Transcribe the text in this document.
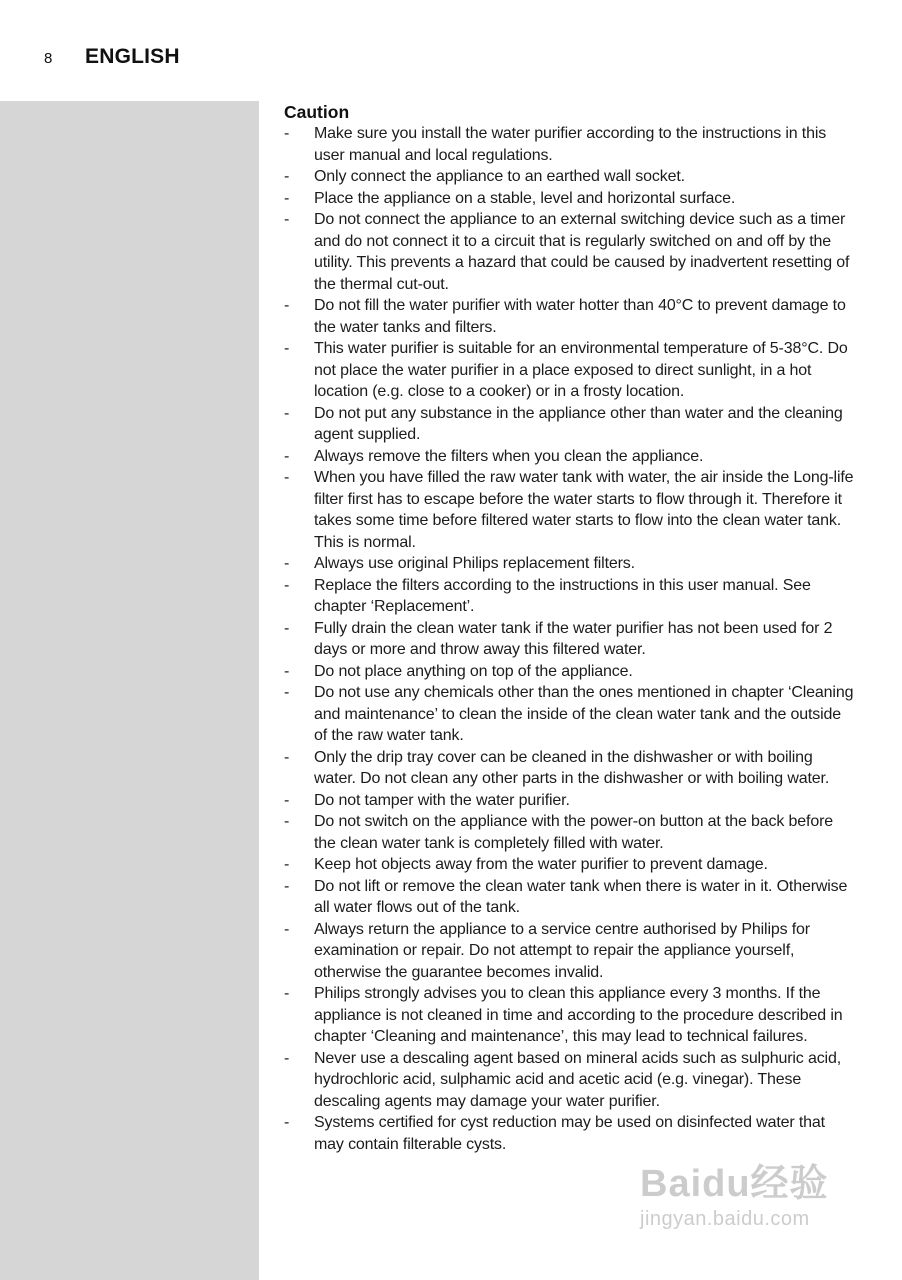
8	ENGLISH
Caution
- Make sure you install the water purifier according to the instructions in this user manual and local regulations.
- Only connect the appliance to an earthed wall socket.
- Place the appliance on a stable, level and horizontal surface.
- Do not connect the appliance to an external switching device such as a timer and do not connect it to a circuit that is regularly switched on and off by the utility. This prevents a hazard that could be caused by inadvertent resetting of the thermal cut-out.
- Do not fill the water purifier with water hotter than 40°C to prevent damage to the water tanks and filters.
- This water purifier is suitable for an environmental temperature of 5-38°C. Do not place the water purifier in a place exposed to direct sunlight, in a hot location (e.g. close to a cooker) or in a frosty location.
- Do not put any substance in the appliance other than water and the cleaning agent supplied.
- Always remove the filters when you clean the appliance.
- When you have filled the raw water tank with water, the air inside the Long-life filter first has to escape before the water starts to flow through it. Therefore it takes some time before filtered water starts to flow into the clean water tank. This is normal.
- Always use original Philips replacement filters.
- Replace the filters according to the instructions in this user manual. See chapter ‘Replacement’.
- Fully drain the clean water tank if the water purifier has not been used for 2 days or more and throw away this filtered water.
- Do not place anything on top of the appliance.
- Do not use any chemicals other than the ones mentioned in chapter ‘Cleaning and maintenance’ to clean the inside of the clean water tank and the outside of the raw water tank.
- Only the drip tray cover can be cleaned in the dishwasher or with boiling water. Do not clean any other parts in the dishwasher or with boiling water.
- Do not tamper with the water purifier.
- Do not switch on the appliance with the power-on button at the back before the clean water tank is completely filled with water.
- Keep hot objects away from the water purifier to prevent damage.
- Do not lift or remove the clean water tank when there is water in it. Otherwise all water flows out of the tank.
- Always return the appliance to a service centre authorised by Philips for examination or repair. Do not attempt to repair the appliance yourself, otherwise the guarantee becomes invalid.
- Philips strongly advises you to clean this appliance every 3 months. If the appliance is not cleaned in time and according to the procedure described in chapter ‘Cleaning and maintenance’, this may lead to technical failures.
- Never use a descaling agent based on mineral acids such as sulphuric acid, hydrochloric acid, sulphamic acid and acetic acid (e.g. vinegar). These descaling agents may damage your water purifier.
- Systems certified for cyst reduction may be used on disinfected water that may contain filterable cysts.
Baidu经验
jingyan.baidu.com
